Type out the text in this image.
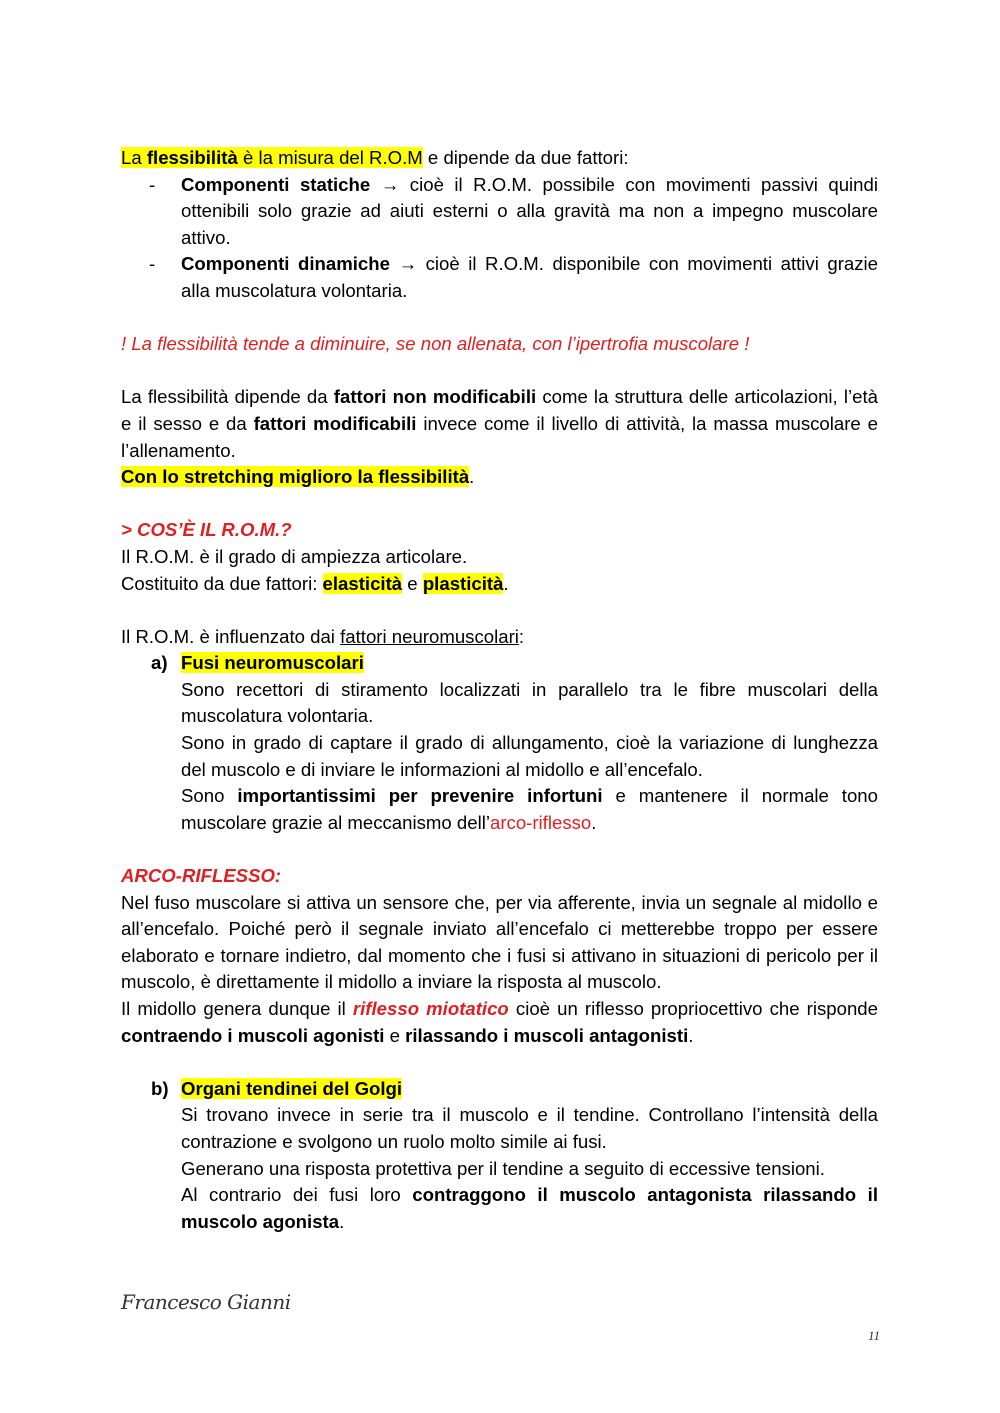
La flessibilità è la misura del R.O.M e dipende da due fattori:

- Componenti statiche → cioè il R.O.M. possibile con movimenti passivi quindi ottenibili solo grazie ad aiuti esterni o alla gravità ma non a impegno muscolare attivo.
- Componenti dinamiche → cioè il R.O.M. disponibile con movimenti attivi grazie alla muscolatura volontaria.

! La flessibilità tende a diminuire, se non allenata, con l’ipertrofia muscolare !

La flessibilità dipende da fattori non modificabili come la struttura delle articolazioni, l’età e il sesso e da fattori modificabili invece come il livello di attività, la massa muscolare e l’allenamento.

Con lo stretching miglioro la flessibilità.

> COS’È IL R.O.M.?

Il R.O.M. è il grado di ampiezza articolare.

Costituito da due fattori: elasticità e plasticità.

Il R.O.M. è influenzato dai fattori neuromuscolari:

a) Fusi neuromuscolari

Sono recettori di stiramento localizzati in parallelo tra le fibre muscolari della muscolatura volontaria.

Sono in grado di captare il grado di allungamento, cioè la variazione di lunghezza del muscolo e di inviare le informazioni al midollo e all’encefalo.

Sono importantissimi per prevenire infortuni e mantenere il normale tono muscolare grazie al meccanismo dell’arco-riflesso.

ARCO-RIFLESSO:

Nel fuso muscolare si attiva un sensore che, per via afferente, invia un segnale al midollo e all’encefalo. Poiché però il segnale inviato all’encefalo ci metterebbe troppo per essere elaborato e tornare indietro, dal momento che i fusi si attivano in situazioni di pericolo per il muscolo, è direttamente il midollo a inviare la risposta al muscolo.

Il midollo genera dunque il riflesso miotatico cioè un riflesso propriocettivo che risponde contraendo i muscoli agonisti e rilassando i muscoli antagonisti.

b) Organi tendinei del Golgi

Si trovano invece in serie tra il muscolo e il tendine. Controllano l’intensità della contrazione e svolgono un ruolo molto simile ai fusi.

Generano una risposta protettiva per il tendine a seguito di eccessive tensioni.

Al contrario dei fusi loro contraggono il muscolo antagonista rilassando il muscolo agonista.

Francesco Gianni
11
